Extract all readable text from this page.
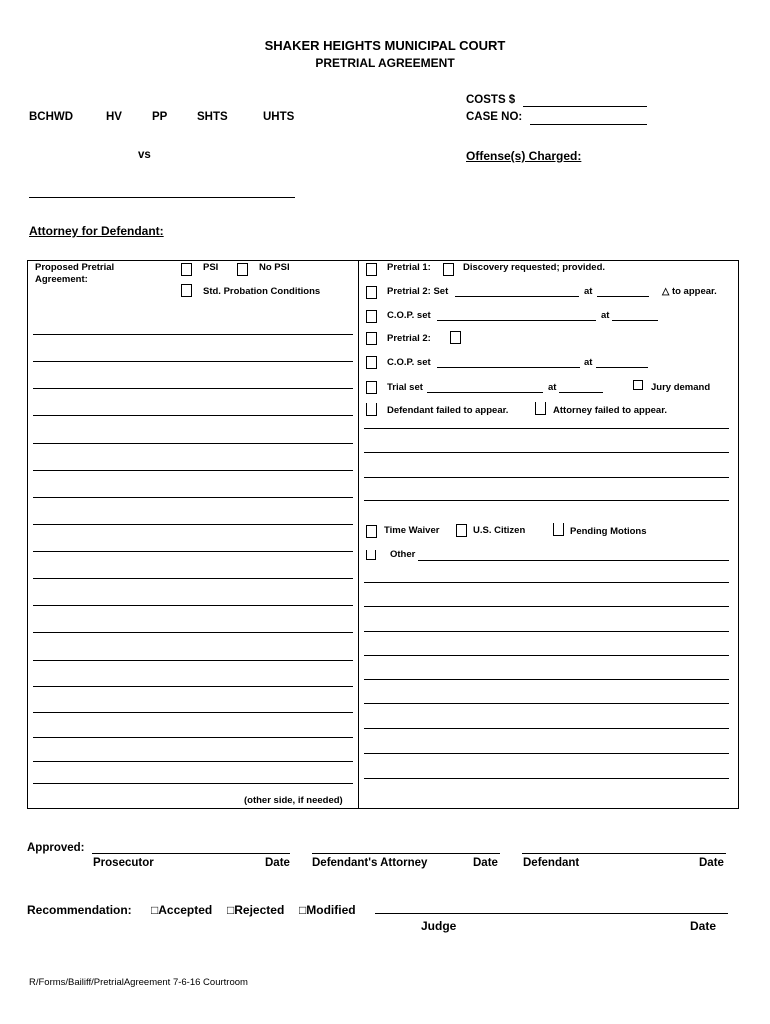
SHAKER HEIGHTS MUNICIPAL COURT
PRETRIAL AGREEMENT
BCHWD	HV	PP	SHTS	UHTS
COSTS $
CASE NO:
vs	Offense(s) Charged:
Attorney for Defendant:
Proposed Pretrial
Agreement:
PSI	No PSI
Std. Probation Conditions
(other side, if needed)
Pretrial 1:	Discovery requested; provided.
Pretrial 2: Set	at	△ to appear.
C.O.P. set	at
Pretrial 2:
C.O.P. set	at
Trial set	at	Jury demand
Defendant failed to appear.	Attorney failed to appear.
Time Waiver	U.S. Citizen	Pending Motions
Other
Approved:
Prosecutor	Date Defendant's Attorney	Date Defendant	Date
Recommendation: □Accepted □Rejected □Modified
Judge	Date
R/Forms/Bailiff/PretrialAgreement 7-6-16 Courtroom
